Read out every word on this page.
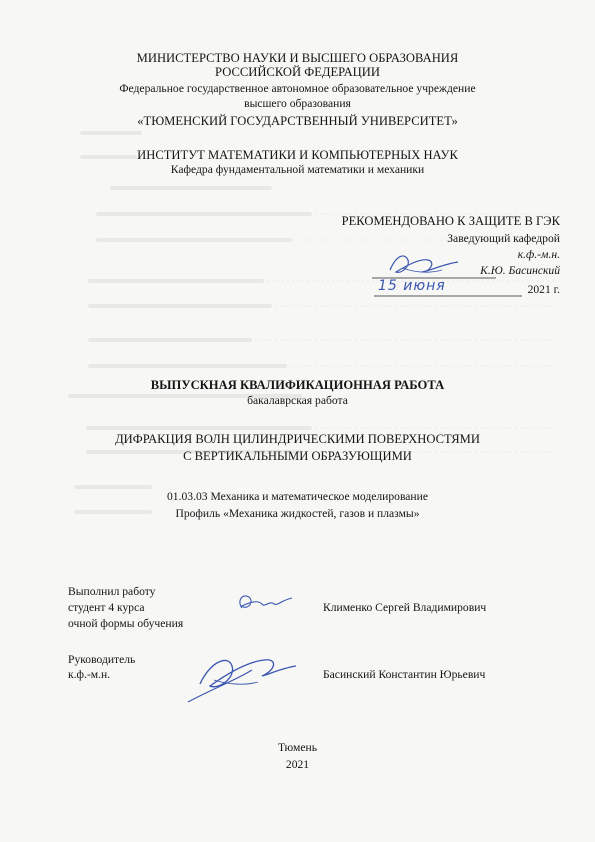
МИНИСТЕРСТВО НАУКИ И ВЫСШЕГО ОБРАЗОВАНИЯ
РОССИЙСКОЙ ФЕДЕРАЦИИ
Федеральное государственное автономное образовательное учреждение
высшего образования
«ТЮМЕНСКИЙ ГОСУДАРСТВЕННЫЙ УНИВЕРСИТЕТ»
ИНСТИТУТ МАТЕМАТИКИ И КОМПЬЮТЕРНЫХ НАУК
Кафедра фундаментальной математики и механики
РЕКОМЕНДОВАНО К ЗАЩИТЕ В ГЭК
Заведующий кафедрой
к.ф.-м.н.
К.Ю. Басинский
2021 г.
15 июня
ВЫПУСКНАЯ КВАЛИФИКАЦИОННАЯ РАБОТА
бакалаврская работа
ДИФРАКЦИЯ ВОЛН ЦИЛИНДРИЧЕСКИМИ ПОВЕРХНОСТЯМИ
С ВЕРТИКАЛЬНЫМИ ОБРАЗУЮЩИМИ
01.03.03 Механика и математическое моделирование
Профиль «Механика жидкостей, газов и плазмы»
Выполнил работу
студент 4 курса
очной формы обучения
Клименко Сергей Владимирович
Руководитель
к.ф.-м.н.	Басинский Константин Юрьевич
Тюмень
2021
